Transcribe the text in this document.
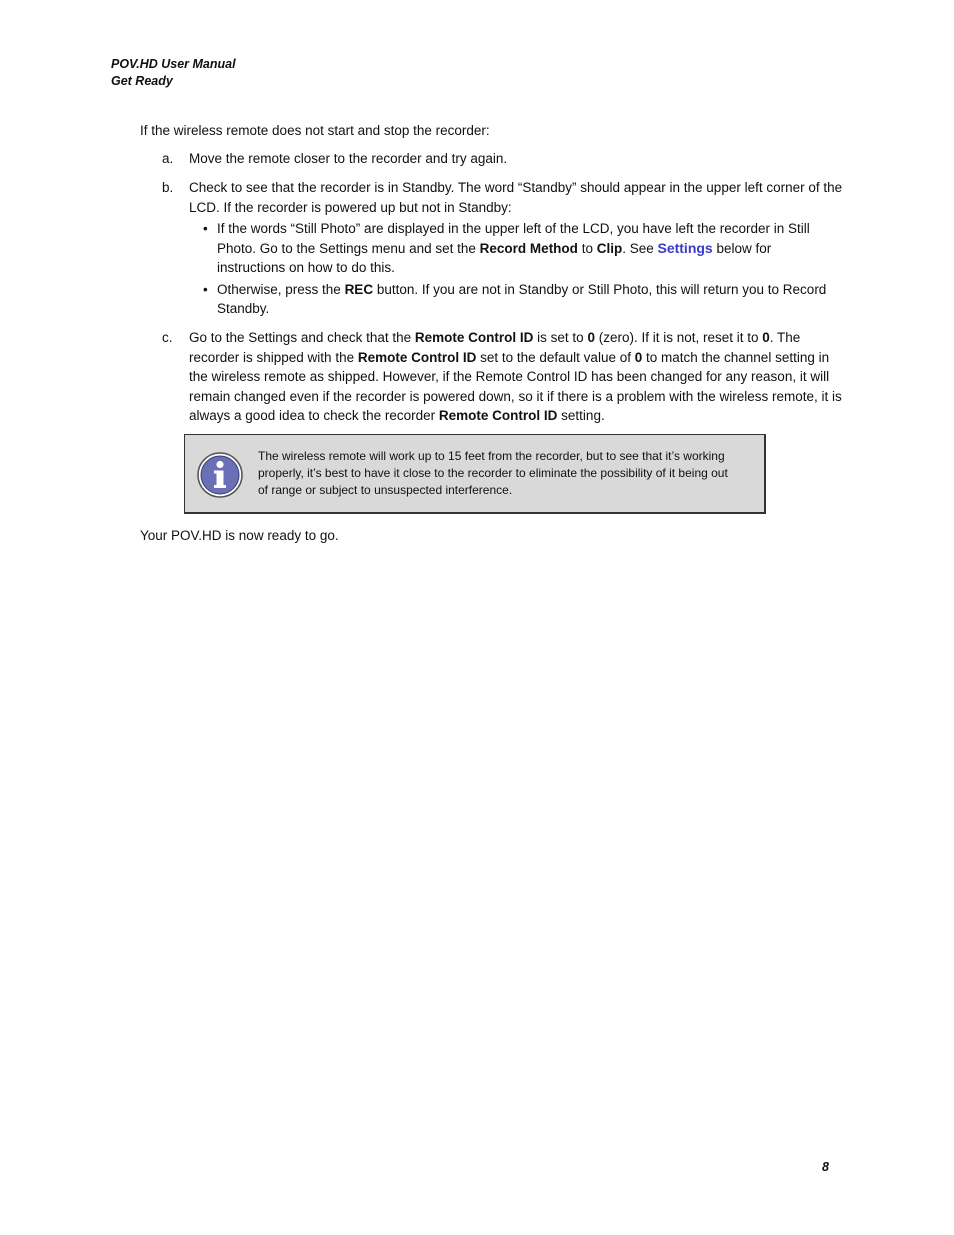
POV.HD User Manual
Get Ready
If the wireless remote does not start and stop the recorder:
a. Move the remote closer to the recorder and try again.
b. Check to see that the recorder is in Standby. The word “Standby” should appear in the upper left corner of the LCD. If the recorder is powered up but not in Standby:
• If the words “Still Photo” are displayed in the upper left of the LCD, you have left the recorder in Still Photo. Go to the Settings menu and set the Record Method to Clip. See Settings below for instructions on how to do this.
• Otherwise, press the REC button. If you are not in Standby or Still Photo, this will return you to Record Standby.
c. Go to the Settings and check that the Remote Control ID is set to 0 (zero). If it is not, reset it to 0. The recorder is shipped with the Remote Control ID set to the default value of 0 to match the channel setting in the wireless remote as shipped. However, if the Remote Control ID has been changed for any reason, it will remain changed even if the recorder is powered down, so it if there is a problem with the wireless remote, it is always a good idea to check the recorder Remote Control ID setting.
The wireless remote will work up to 15 feet from the recorder, but to see that it’s working properly, it’s best to have it close to the recorder to eliminate the possibility of it being out of range or subject to unsuspected interference.
Your POV.HD is now ready to go.
8
